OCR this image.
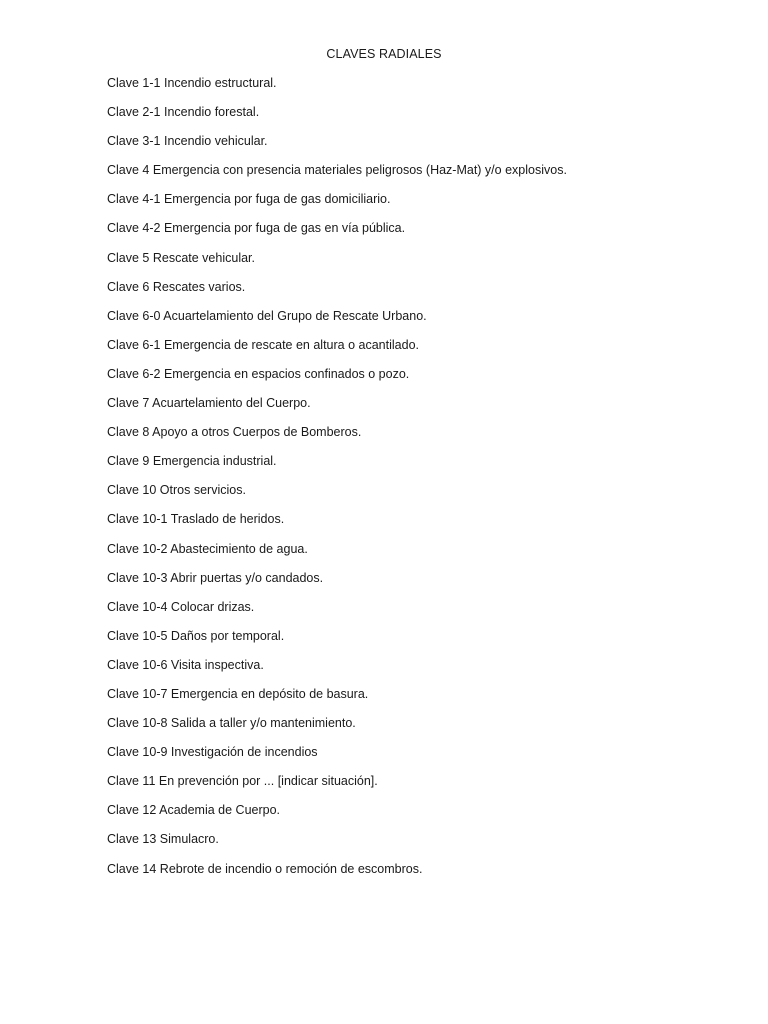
CLAVES RADIALES
Clave 1-1 Incendio estructural.
Clave 2-1 Incendio forestal.
Clave 3-1 Incendio vehicular.
Clave 4 Emergencia con presencia materiales peligrosos (Haz-Mat) y/o explosivos.
Clave 4-1 Emergencia por fuga de gas domiciliario.
Clave 4-2 Emergencia por fuga de gas en vía pública.
Clave 5 Rescate vehicular.
Clave 6 Rescates varios.
Clave 6-0 Acuartelamiento del Grupo de Rescate Urbano.
Clave 6-1 Emergencia de rescate en altura o acantilado.
Clave 6-2 Emergencia en espacios confinados o pozo.
Clave 7 Acuartelamiento del Cuerpo.
Clave 8 Apoyo a otros Cuerpos de Bomberos.
Clave 9 Emergencia industrial.
Clave 10 Otros servicios.
Clave 10-1 Traslado de heridos.
Clave 10-2 Abastecimiento de agua.
Clave 10-3 Abrir puertas y/o candados.
Clave 10-4 Colocar drizas.
Clave 10-5 Daños por temporal.
Clave 10-6 Visita inspectiva.
Clave 10-7 Emergencia en depósito de basura.
Clave 10-8 Salida a taller y/o mantenimiento.
Clave 10-9 Investigación de incendios
Clave 11 En prevención por ... [indicar situación].
Clave 12 Academia de Cuerpo.
Clave 13 Simulacro.
Clave 14 Rebrote de incendio o remoción de escombros.
